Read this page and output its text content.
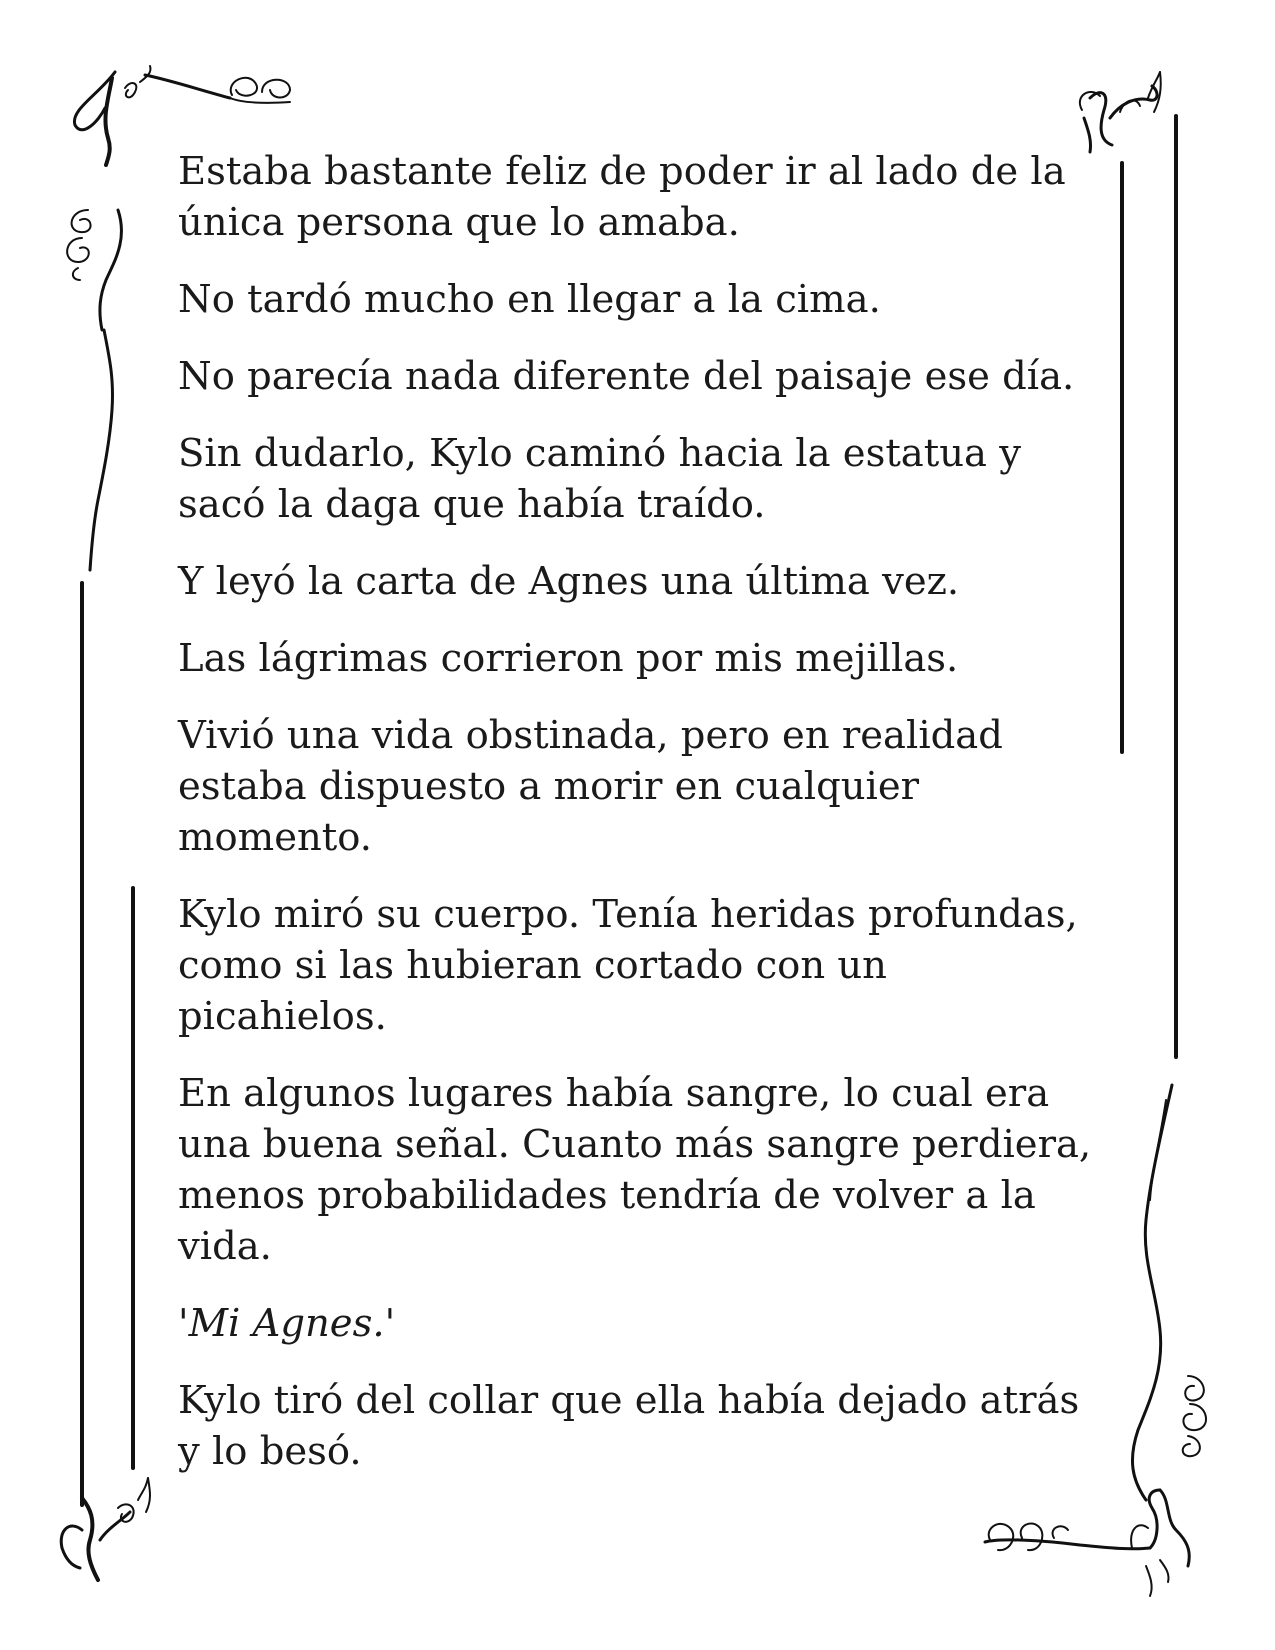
Estaba bastante feliz de poder ir al lado de la
única persona que lo amaba.

No tardó mucho en llegar a la cima.

No parecía nada diferente del paisaje ese día.

Sin dudarlo, Kylo caminó hacia la estatua y
sacó la daga que había traído.

Y leyó la carta de Agnes una última vez.

Las lágrimas corrieron por mis mejillas.

Vivió una vida obstinada, pero en realidad
estaba dispuesto a morir en cualquier
momento.

Kylo miró su cuerpo. Tenía heridas profundas,
como si las hubieran cortado con un picahielos.

En algunos lugares había sangre, lo cual era
una buena señal. Cuanto más sangre perdiera,
menos probabilidades tendría de volver a la
vida.

'Mi Agnes.'

Kylo tiró del collar que ella había dejado atrás
y lo besó.
